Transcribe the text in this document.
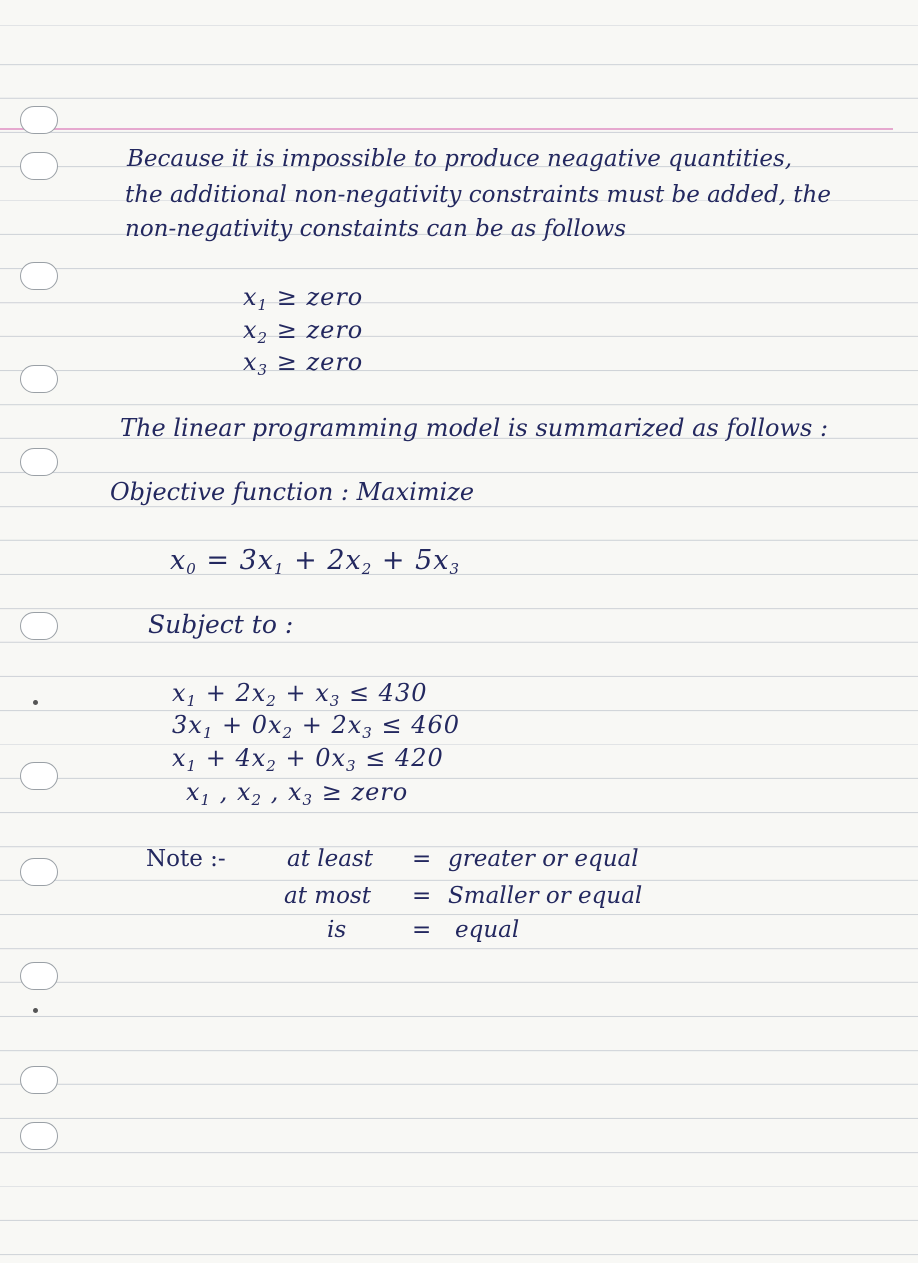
Because it is impossible to produce neagative quantities,
the additional non-negativity constraints must be added, the
non-negativity constaints can be as follows
$x_1$ ≥ zero
$x_2$ ≥ zero
$x_3$ ≥ zero
The linear programming model is summarized as follows :
Objective function : Maximize
$x_0 = 3x_1 + 2x_2 + 5x_3$
Subject to :
$x_1 + 2x_2 + x_3 \le 430$
$3x_1 + 0x_2 + 2x_3 \le 460$
$x_1 + 4x_2 + 0x_3 \le 420$
$x_1$ , $x_2$ , $x_3$ ≥ zero
Note :-	at least = greater or equal
at most = Smaller or equal
is	= equal
